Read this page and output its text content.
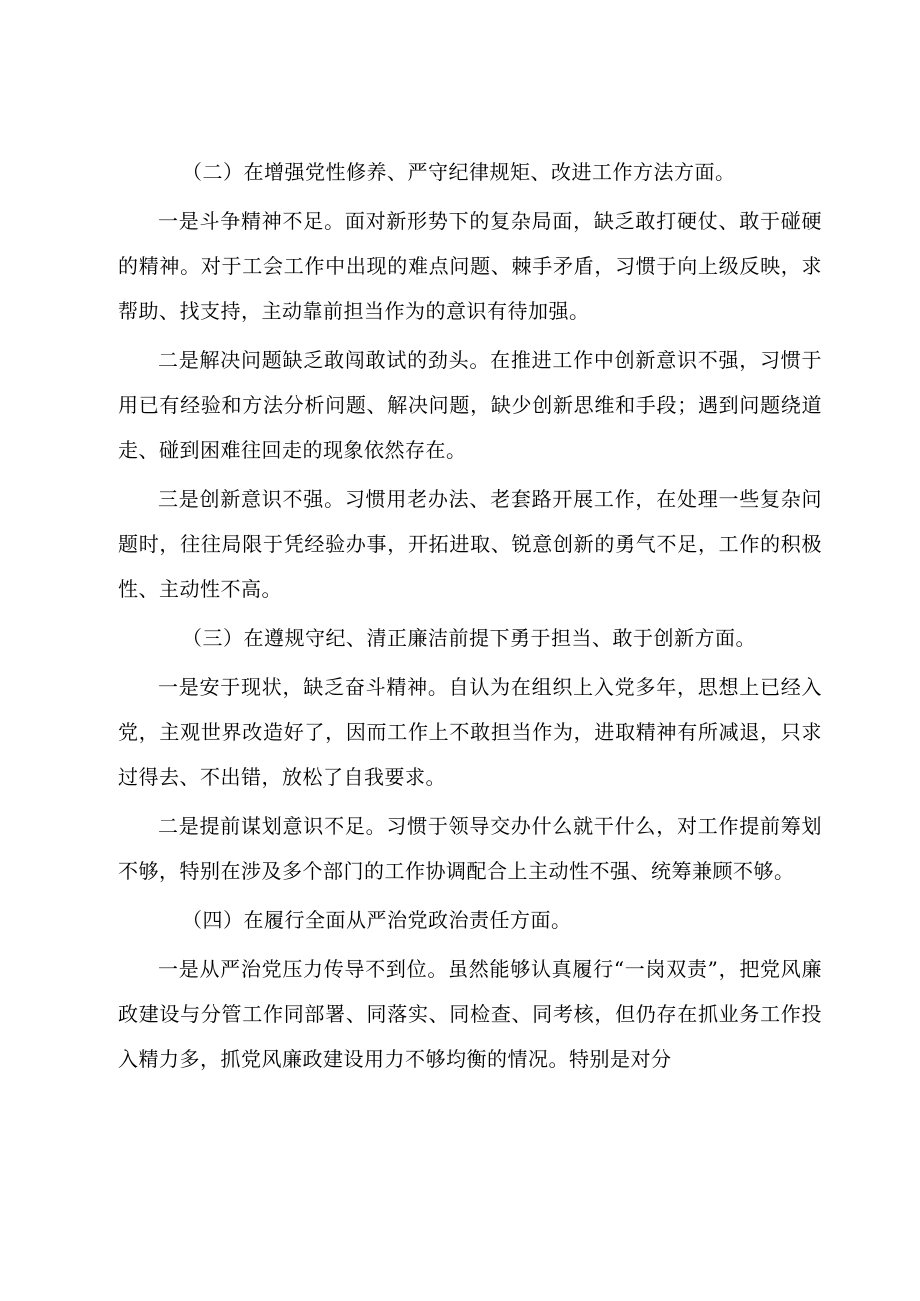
（二）在增强党性修养、严守纪律规矩、改进工作方法方面。

一是斗争精神不足。面对新形势下的复杂局面，缺乏敢打硬仗、敢于碰硬的精神。对于工会工作中出现的难点问题、棘手矛盾，习惯于向上级反映，求帮助、找支持，主动靠前担当作为的意识有待加强。

二是解决问题缺乏敢闯敢试的劲头。在推进工作中创新意识不强，习惯于用已有经验和方法分析问题、解决问题，缺少创新思维和手段；遇到问题绕道走、碰到困难往回走的现象依然存在。

三是创新意识不强。习惯用老办法、老套路开展工作，在处理一些复杂问题时，往往局限于凭经验办事，开拓进取、锐意创新的勇气不足，工作的积极性、主动性不高。

（三）在遵规守纪、清正廉洁前提下勇于担当、敢于创新方面。

一是安于现状，缺乏奋斗精神。自认为在组织上入党多年，思想上已经入党，主观世界改造好了，因而工作上不敢担当作为，进取精神有所减退，只求过得去、不出错，放松了自我要求。

二是提前谋划意识不足。习惯于领导交办什么就干什么，对工作提前筹划不够，特别在涉及多个部门的工作协调配合上主动性不强、统筹兼顾不够。

（四）在履行全面从严治党政治责任方面。

一是从严治党压力传导不到位。虽然能够认真履行“一岗双责”，把党风廉政建设与分管工作同部署、同落实、同检查、同考核，但仍存在抓业务工作投入精力多，抓党风廉政建设用力不够均衡的情况。特别是对分
